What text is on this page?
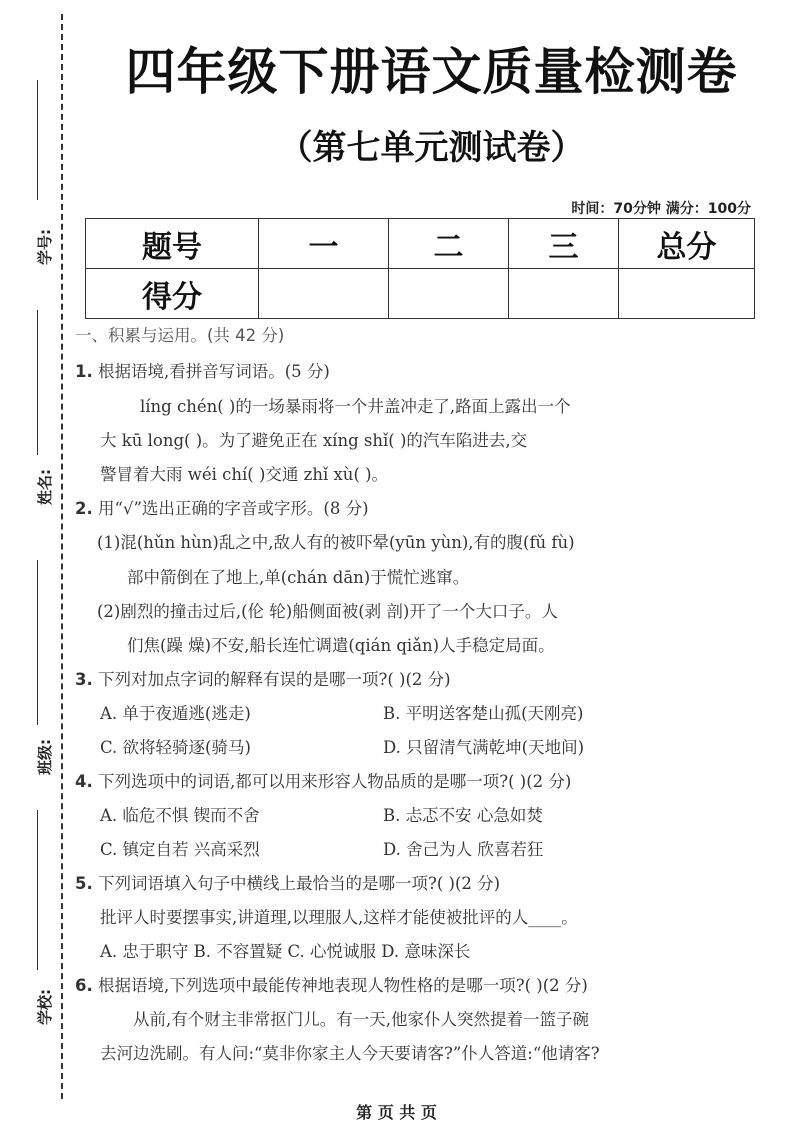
学号:
姓名:
班级:
学校:
四年级下册语文质量检测卷
（第七单元测试卷）
时间：70分钟 满分：100分
题号	一	二	三	总分
得分				

一、积累与运用。(共 42 分)

1. 根据语境,看拼音写词语。(5 分)

líng chén( )的一场暴雨将一个井盖冲走了,路面上露出一个

大 kū long( )。为了避免正在 xíng shǐ( )的汽车陷进去,交

警冒着大雨 wéi chí( )交通 zhǐ xù( )。

2. 用“√”选出正确的字音或字形。(8 分)

(1)混(hǔn hùn)乱之中,敌人有的被吓晕(yūn yùn),有的腹(fǔ fù)

部中箭倒在了地上,单(chán dān)于慌忙逃窜。

(2)剧烈的撞击过后,(伦 轮)船侧面被(剥 剖)开了一个大口子。人

们焦(躁 燥)不安,船长连忙调遣(qián qiǎn)人手稳定局面。

3. 下列对加点字词的解释有误的是哪一项?( )(2 分)

A. 单于夜遁逃(逃走)	B. 平明送客楚山孤(天刚亮)

C. 欲将轻骑逐(骑马)	D. 只留清气满乾坤(天地间)

4. 下列选项中的词语,都可以用来形容人物品质的是哪一项?( )(2 分)

A. 临危不惧 锲而不舍	B. 忐忑不安 心急如焚

C. 镇定自若 兴高采烈	D. 舍己为人 欣喜若狂

5. 下列词语填入句子中横线上最恰当的是哪一项?( )(2 分)

批评人时要摆事实,讲道理,以理服人,这样才能使被批评的人____。

A. 忠于职守 B. 不容置疑 C. 心悦诚服 D. 意味深长

6. 根据语境,下列选项中最能传神地表现人物性格的是哪一项?( )(2 分)

从前,有个财主非常抠门儿。有一天,他家仆人突然提着一篮子碗

去河边洗刷。有人问:“莫非你家主人今天要请客?”仆人答道:“他请客?

第 页 共 页
